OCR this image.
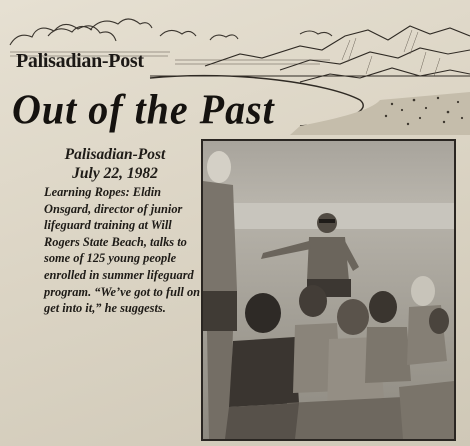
Palisadian-Post
Out of the Past
Palisadian-Post
July 22, 1982

Learning Ropes: Eldin Onsgard, director of junior lifeguard training at Will Rogers State Beach, talks to some of 125 young people enrolled in summer lifeguard program. “We’ve got to full on get into it,” he suggests.
